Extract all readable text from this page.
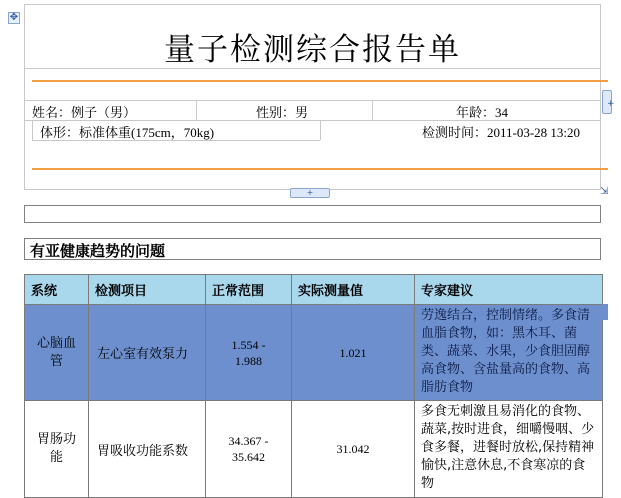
✥
量子检测综合报告单
姓名：例子（男）	性别：男	年龄：34
体形：标准体重(175cm，70kg)	检测时间：2011-03-28 13:20
+
+	⇲
有亚健康趋势的问题
系统	检测项目	正常范围	实际测量值	专家建议
心脑血管	左心室有效泵力	1.554 - 1.988	1.021	劳逸结合，控制情绪。多食清血脂食物，如：黑木耳、菌类、蔬菜、水果，少食胆固醇高食物、含盐量高的食物、高脂肪食物
胃肠功能	胃吸收功能系数	34.367 - 35.642	31.042	多食无刺激且易消化的食物、蔬菜,按时进食，细嚼慢咽、少食多餐，进餐时放松,保持精神愉快,注意休息,不食寒凉的食物
